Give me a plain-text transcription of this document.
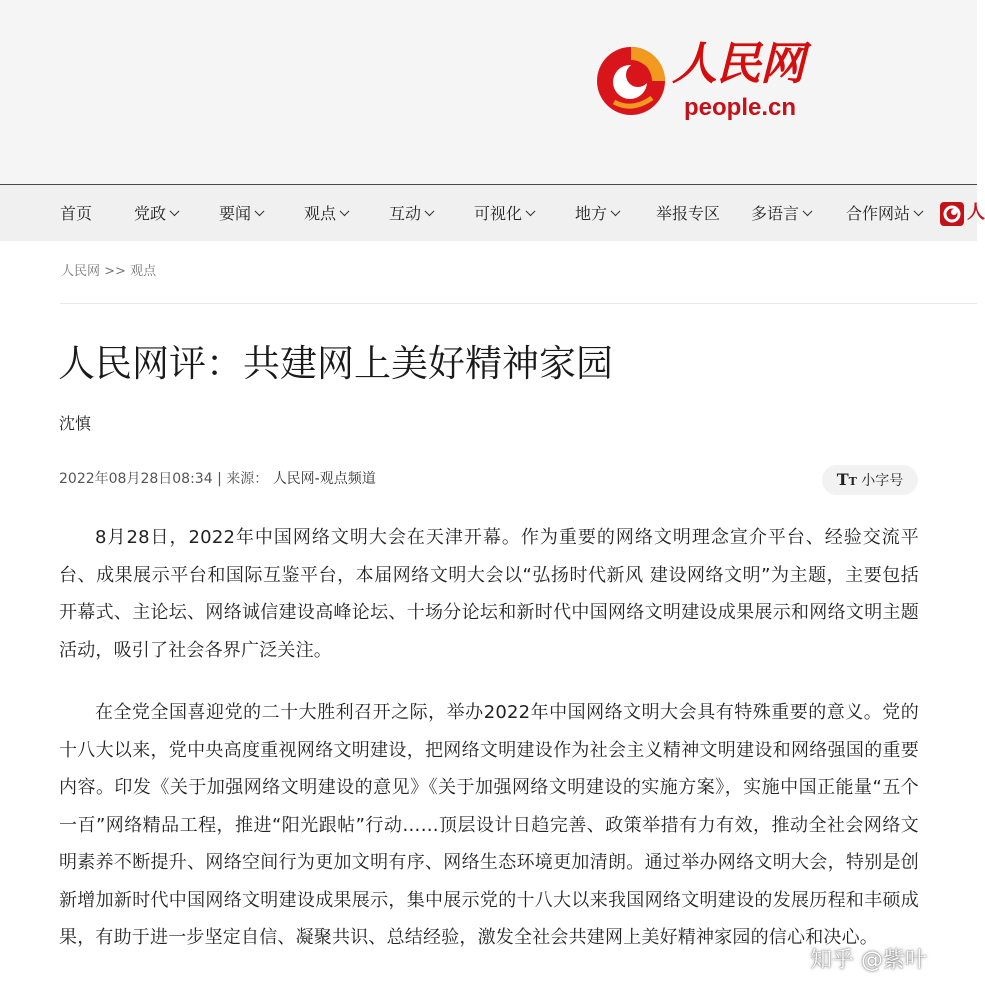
人民网
people.cn
首页	党政	要闻	观点	互动	可视化	地方	举报专区 多语言	合作网站	人
人民网 >> 观点
人民网评：共建网上美好精神家园
沈慎
2022年08月28日08:34 | 来源： 人民网-观点频道	TT 小字号

8月28日，2022年中国网络文明大会在天津开幕。作为重要的网络文明理念宣介平台、经验交流平台、成果展示平台和国际互鉴平台，本届网络文明大会以“弘扬时代新风 建设网络文明”为主题，主要包括开幕式、主论坛、网络诚信建设高峰论坛、十场分论坛和新时代中国网络文明建设成果展示和网络文明主题活动，吸引了社会各界广泛关注。

在全党全国喜迎党的二十大胜利召开之际，举办2022年中国网络文明大会具有特殊重要的意义。党的十八大以来，党中央高度重视网络文明建设，把网络文明建设作为社会主义精神文明建设和网络强国的重要内容。印发《关于加强网络文明建设的意见》《关于加强网络文明建设的实施方案》，实施中国正能量“五个一百”网络精品工程，推进“阳光跟帖”行动……顶层设计日趋完善、政策举措有力有效，推动全社会网络文明素养不断提升、网络空间行为更加文明有序、网络生态环境更加清朗。通过举办网络文明大会，特别是创新增加新时代中国网络文明建设成果展示，集中展示党的十八大以来我国网络文明建设的发展历程和丰硕成果，有助于进一步坚定自信、凝聚共识、总结经验，激发全社会共建网上美好精神家园的信心和决心。

知乎 @紫叶
